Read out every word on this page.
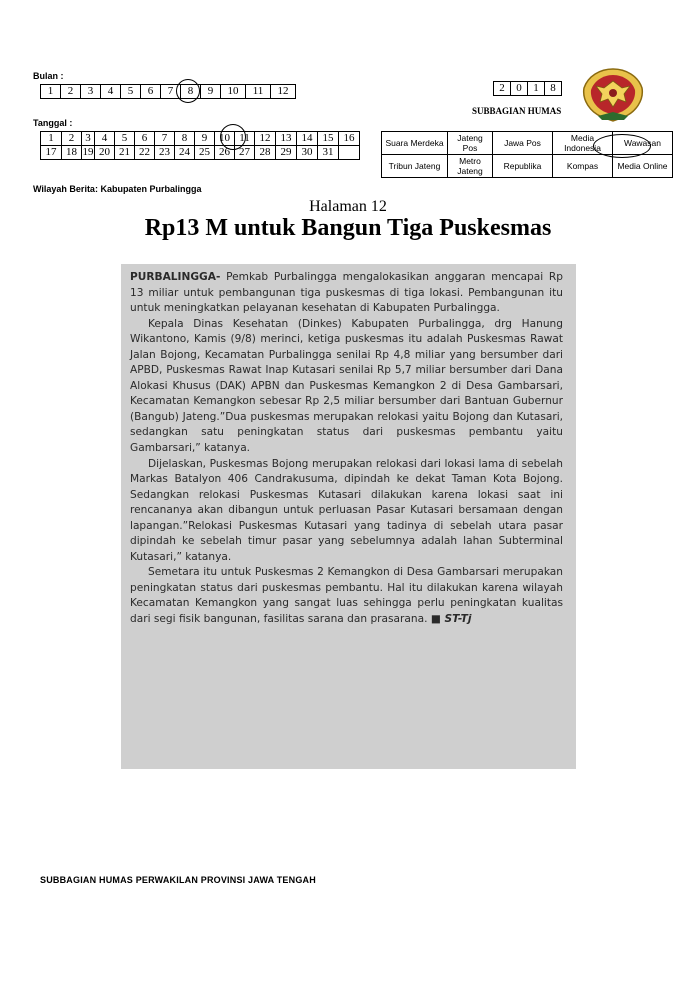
Bulan :
1	2	3	4	5	6	7	8	9	10	11	12
Tanggal :
1	2	3	4	5	6	7	8	9	10	11	12	13	14	15	16
17	18	19	20	21	22	23	24	25	26	27	28	29	30	31	
Wilayah Berita: Kabupaten Purbalingga
2	0	1	8
SUBBAGIAN HUMAS
Suara Merdeka	Jateng Pos	Jawa Pos	Media Indonesia	Wawasan
Tribun Jateng	Metro Jateng	Republika	Kompas	Media Online
Halaman 12
Rp13 M untuk Bangun Tiga Puskesmas

PURBALINGGA- Pemkab Purbalingga mengalokasikan anggaran mencapai Rp 13 miliar untuk pembangunan tiga puskesmas di tiga lokasi. Pembangunan itu untuk meningkatkan pelayanan kesehatan di Kabupaten Purbalingga.

Kepala Dinas Kesehatan (Dinkes) Kabupaten Purbalingga, drg Hanung Wikantono, Kamis (9/8) merinci, ketiga puskesmas itu adalah Puskesmas Rawat Jalan Bojong, Kecamatan Purbalingga senilai Rp 4,8 miliar yang bersumber dari APBD, Puskesmas Rawat Inap Kutasari senilai Rp 5,7 miliar bersumber dari Dana Alokasi Khusus (DAK) APBN dan Puskesmas Kemangkon 2 di Desa Gambarsari, Kecamatan Kemangkon sebesar Rp 2,5 miliar bersumber dari Bantuan Gubernur (Bangub) Jateng.”Dua puskesmas merupakan relokasi yaitu Bojong dan Kutasari, sedangkan satu peningkatan status dari puskesmas pembantu yaitu Gambarsari,” katanya.

Dijelaskan, Puskesmas Bojong merupakan relokasi dari lokasi lama di sebelah Markas Batalyon 406 Candrakusuma, dipindah ke dekat Taman Kota Bojong. Sedangkan relokasi Puskesmas Kutasari dilakukan karena lokasi saat ini rencananya akan dibangun untuk perluasan Pasar Kutasari bersamaan dengan lapangan.”Relokasi Puskesmas Kutasari yang tadinya di sebelah utara pasar dipindah ke sebelah timur pasar yang sebelumnya adalah lahan Subterminal Kutasari,” katanya.

Semetara itu untuk Puskesmas 2 Kemangkon di Desa Gambarsari merupakan peningkatan status dari puskesmas pembantu. Hal itu dilakukan karena wilayah Kecamatan Kemangkon yang sangat luas sehingga perlu peningkatan kualitas dari segi fisik bangunan, fasilitas sarana dan prasarana. ■ ST-Tj

SUBBAGIAN HUMAS PERWAKILAN PROVINSI JAWA TENGAH
